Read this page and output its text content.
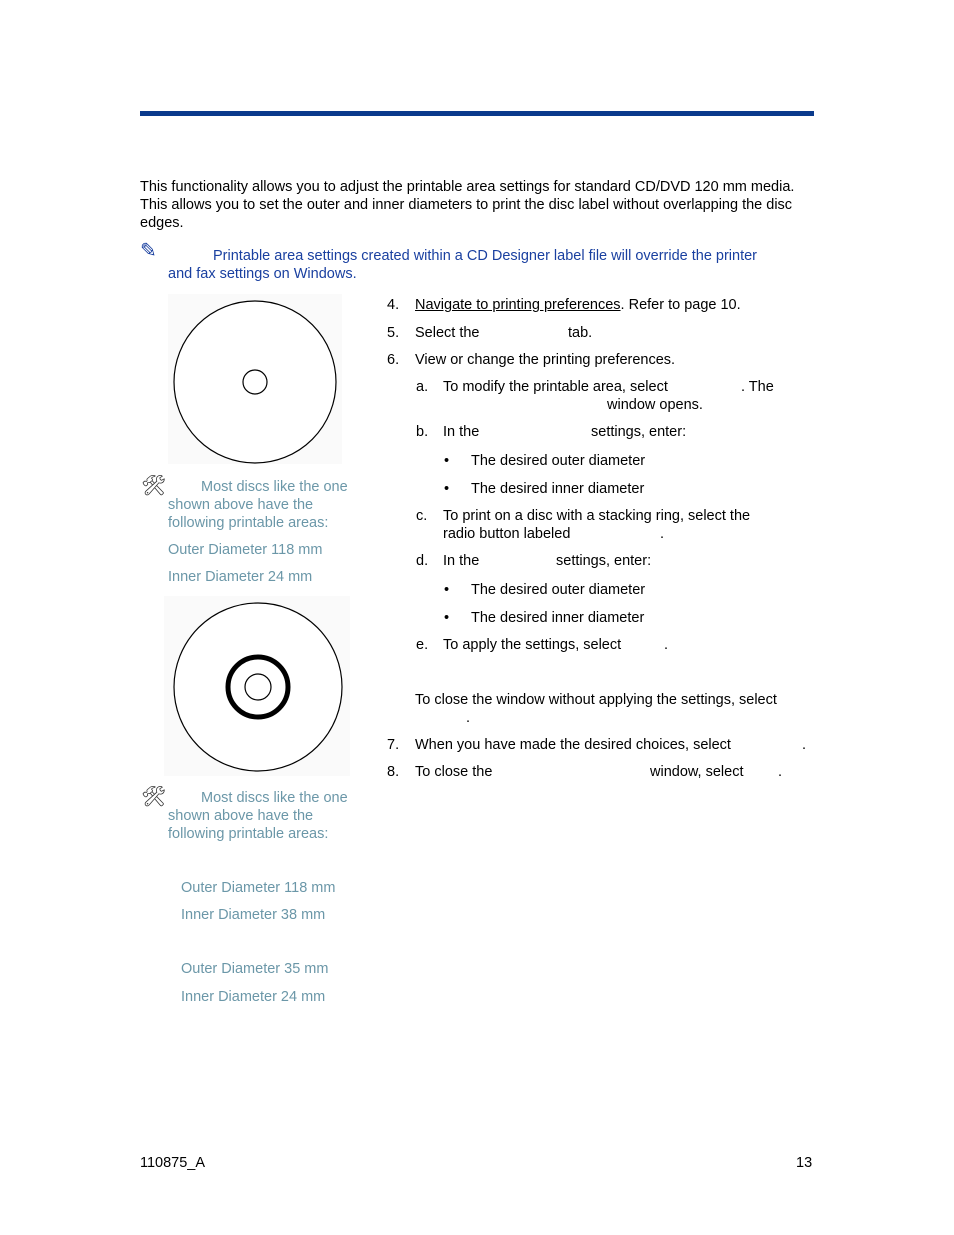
This functionality allows you to adjust the printable area settings for standard CD/DVD 120 mm media. This allows you to set the outer and inner diameters to print the disc label without overlapping the disc edges.
✎	Printable area settings created within a CD Designer label file will override the printer
and fax settings on Windows.
🛠 Most discs like the one
shown above have the
following printable areas:
Outer Diameter 118 mm
Inner Diameter 24 mm
🛠 Most discs like the one
shown above have the
following printable areas:
Outer Diameter 118 mm
Inner Diameter 38 mm
Outer Diameter 35 mm
Inner Diameter 24 mm
4. Navigate to printing preferences. Refer to page 10.
5. Select the	tab.
6. View or change the printing preferences.
a. To modify the printable area, select	. The
window opens.
b. In the	settings, enter:
• The desired outer diameter
• The desired inner diameter
c. To print on a disc with a stacking ring, select the
radio button labeled	.
d. In the	settings, enter:
• The desired outer diameter
• The desired inner diameter
e. To apply the settings, select	.
To close the window without applying the settings, select
.
7. When you have made the desired choices, select	.
8. To close the	window, select .
110875_A	13
